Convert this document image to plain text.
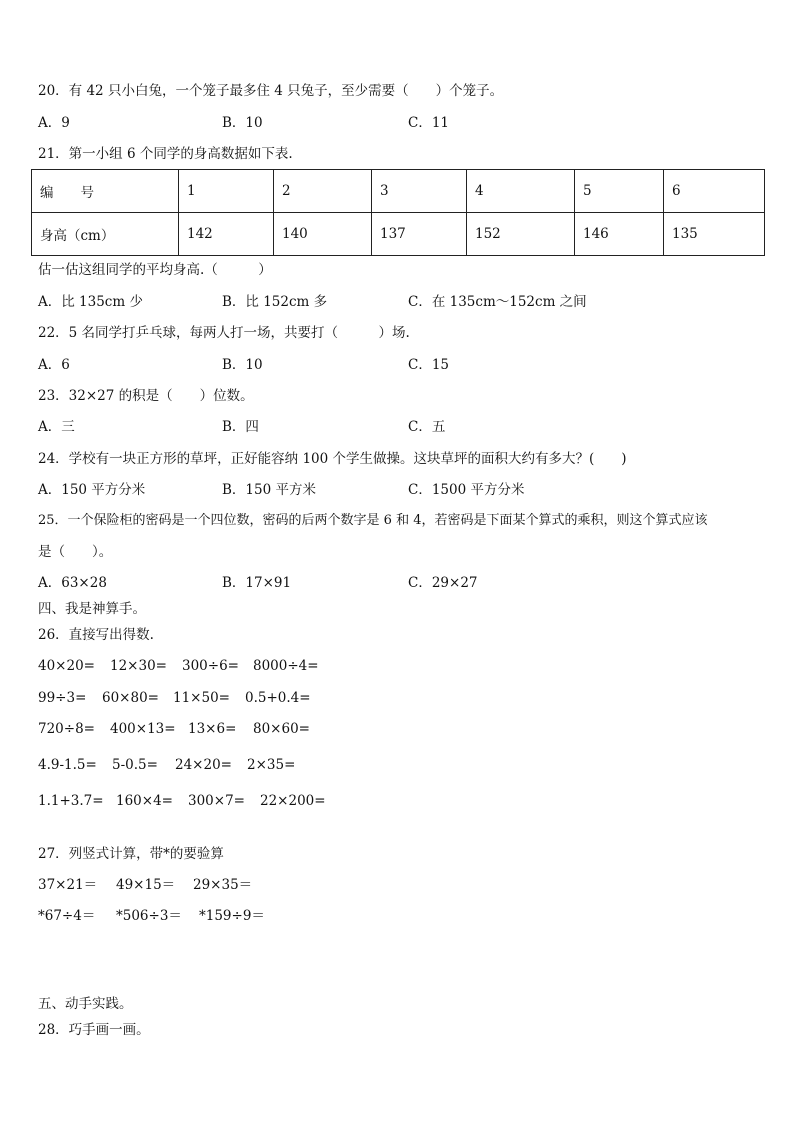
20．有 42 只小白兔，一个笼子最多住 4 只兔子，至少需要（　　）个笼子。
A．9	B．10	C．11
21．第一小组 6 个同学的身高数据如下表.
编　　号	1	2	3	4	5	6
身高（cm）	142	140	137	152	146	135
估一估这组同学的平均身高.（　　　）
A．比 135cm 少	B．比 152cm 多	C．在 135cm～152cm 之间
22．5 名同学打乒乓球，每两人打一场，共要打（　　　）场.
A．6	B．10	C．15
23．32×27 的积是（　　）位数。
A．三	B．四	C．五
24．学校有一块正方形的草坪，正好能容纳 100 个学生做操。这块草坪的面积大约有多大？(　　)
A．150 平方分米	B．150 平方米	C．1500 平方分米
25．一个保险柜的密码是一个四位数，密码的后两个数字是 6 和 4，若密码是下面某个算式的乘积，则这个算式应该
是（　　）。
A．63×28	B．17×91	C．29×27
四、我是神算手。
26．直接写出得数.
40×20= 12×30= 300÷6= 8000÷4=
99÷3= 60×80= 11×50= 0.5+0.4=
720÷8= 400×13= 13×6= 80×60=
4.9-1.5= 5-0.5= 24×20= 2×35=
1.1+3.7= 160×4= 300×7= 22×200=
27．列竖式计算，带*的要验算
37×21＝ 49×15＝ 29×35＝
*67÷4＝ *506÷3＝ *159÷9＝
五、动手实践。
28．巧手画一画。
